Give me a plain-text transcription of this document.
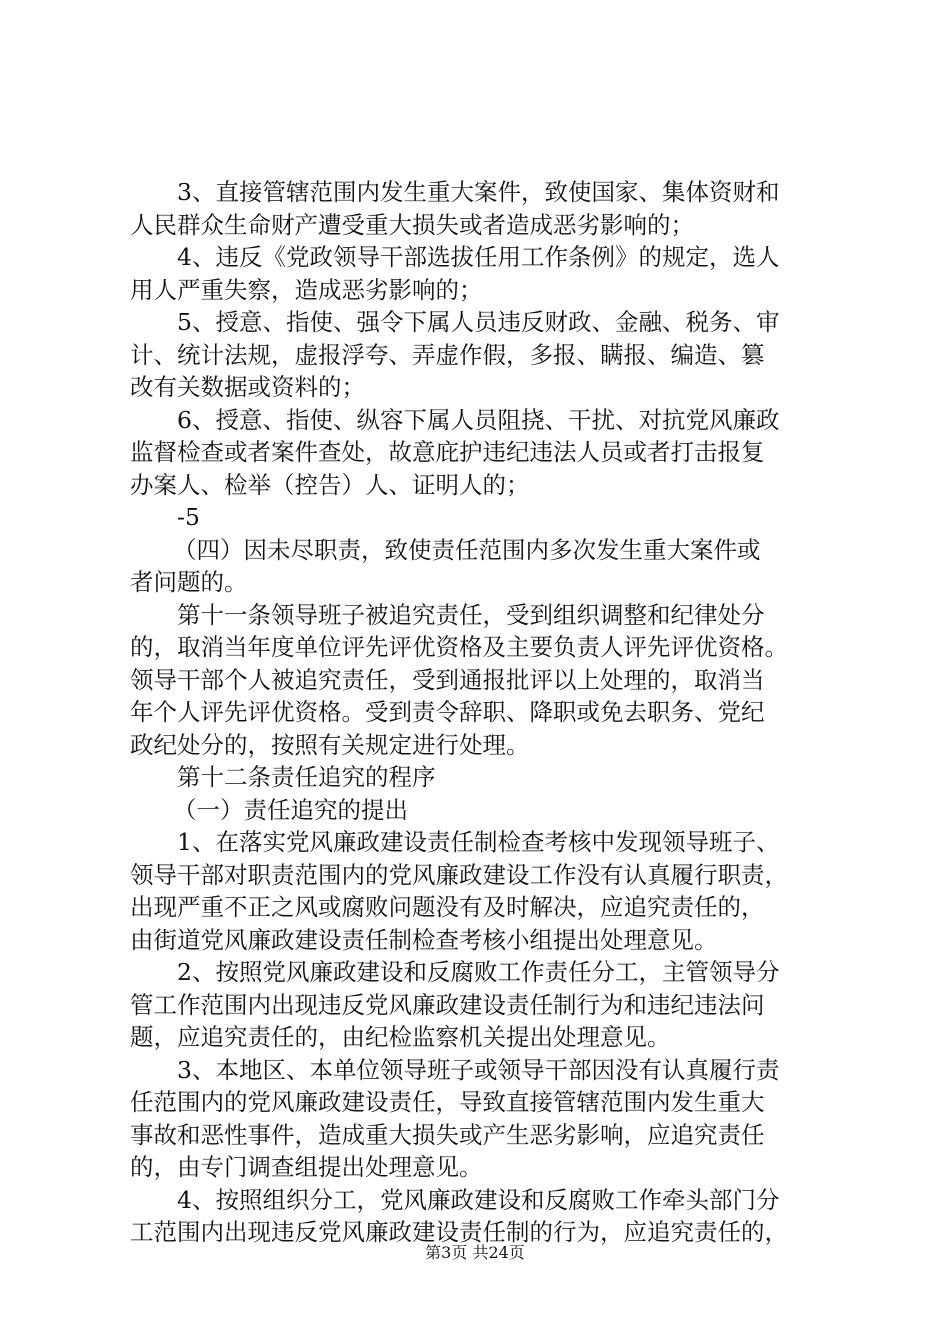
3、直接管辖范围内发生重大案件，致使国家、集体资财和
人民群众生命财产遭受重大损失或者造成恶劣影响的；
4、违反《党政领导干部选拔任用工作条例》的规定，选人
用人严重失察，造成恶劣影响的；
5、授意、指使、强令下属人员违反财政、金融、税务、审
计、统计法规，虚报浮夸、弄虚作假，多报、瞒报、编造、篡
改有关数据或资料的；
6、授意、指使、纵容下属人员阻挠、干扰、对抗党风廉政
监督检查或者案件查处，故意庇护违纪违法人员或者打击报复
办案人、检举（控告）人、证明人的；
-5
（四）因未尽职责，致使责任范围内多次发生重大案件或
者问题的。
第十一条领导班子被追究责任，受到组织调整和纪律处分
的，取消当年度单位评先评优资格及主要负责人评先评优资格。
领导干部个人被追究责任，受到通报批评以上处理的，取消当
年个人评先评优资格。受到责令辞职、降职或免去职务、党纪
政纪处分的，按照有关规定进行处理。
第十二条责任追究的程序
（一）责任追究的提出
1、在落实党风廉政建设责任制检查考核中发现领导班子、
领导干部对职责范围内的党风廉政建设工作没有认真履行职责，
出现严重不正之风或腐败问题没有及时解决，应追究责任的，
由街道党风廉政建设责任制检查考核小组提出处理意见。
2、按照党风廉政建设和反腐败工作责任分工，主管领导分
管工作范围内出现违反党风廉政建设责任制行为和违纪违法问
题，应追究责任的，由纪检监察机关提出处理意见。
3、本地区、本单位领导班子或领导干部因没有认真履行责
任范围内的党风廉政建设责任，导致直接管辖范围内发生重大
事故和恶性事件，造成重大损失或产生恶劣影响，应追究责任
的，由专门调查组提出处理意见。
4、按照组织分工，党风廉政建设和反腐败工作牵头部门分
工范围内出现违反党风廉政建设责任制的行为，应追究责任的，
第3页 共24页
